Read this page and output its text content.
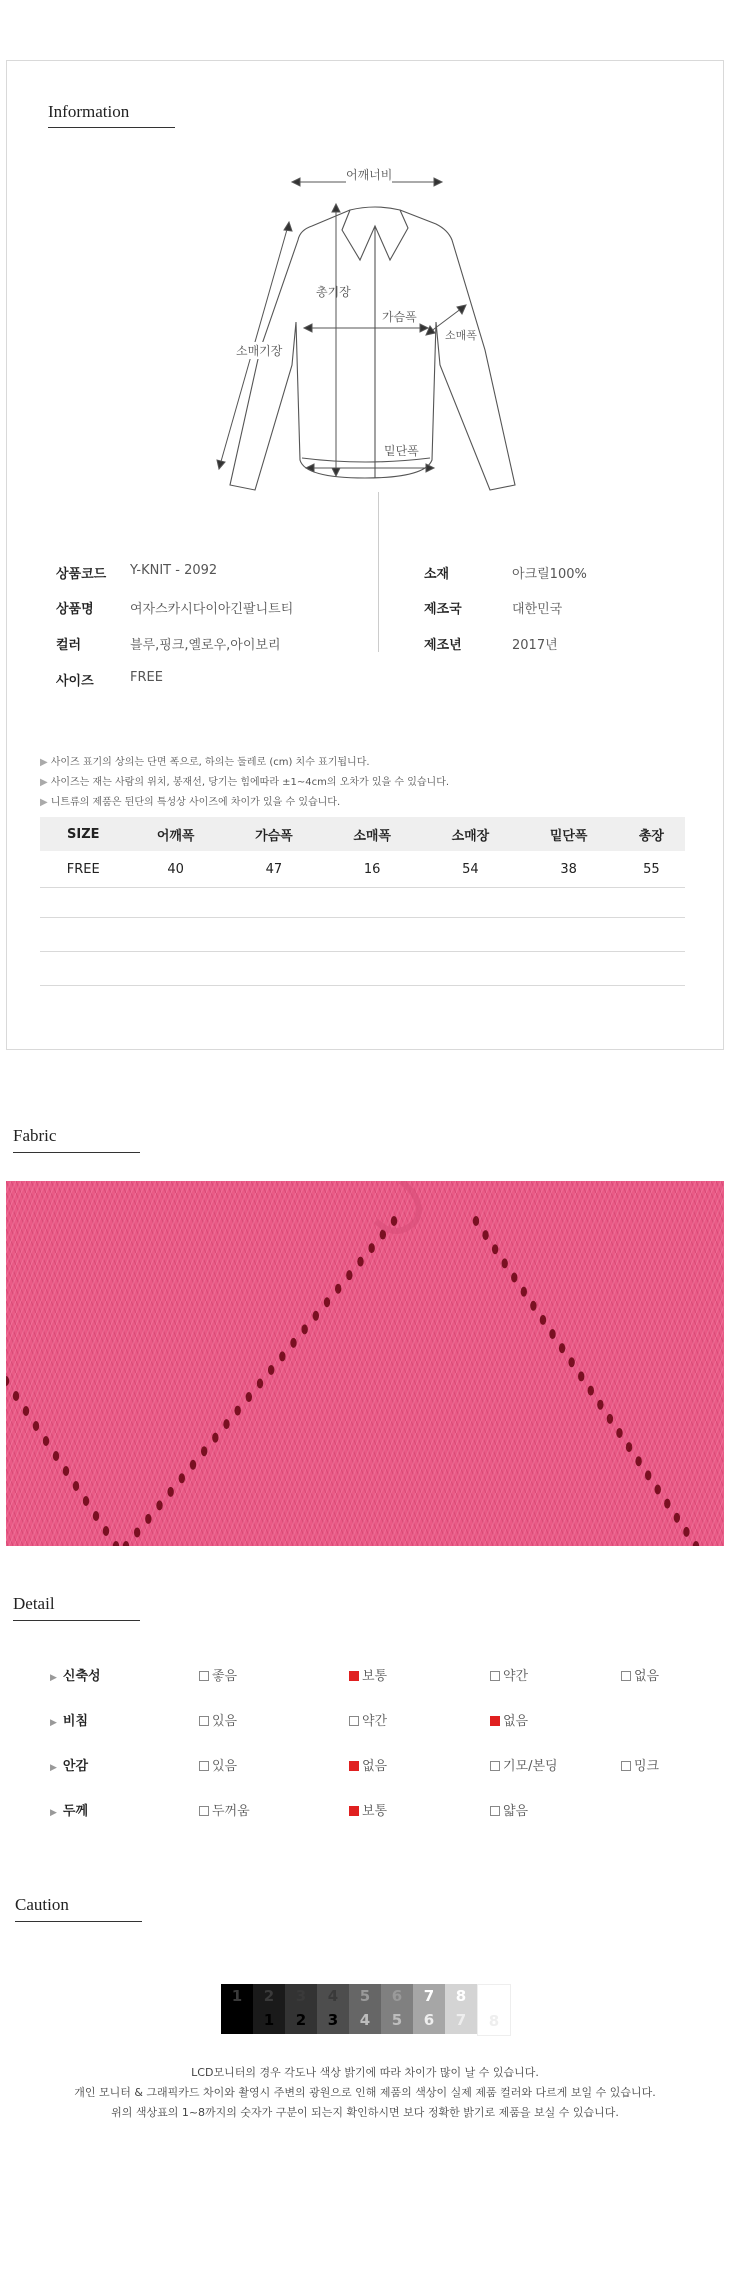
Information
어깨너비
총기장
가슴폭
소매폭
소매기장
밑단폭
상품코드 Y-KNIT - 2092
상품명	여자스카시다이아긴팔니트티
컬러	블루,핑크,옐로우,아이보리
사이즈	FREE
소재	아크릴100%
제조국	대한민국
제조년	2017년
▶ 사이즈 표기의 상의는 단면 폭으로, 하의는 둘레로 (cm) 치수 표기됩니다.
▶ 사이즈는 재는 사람의 위치, 봉재선, 당기는 힘에따라 ±1~4cm의 오차가 있을 수 있습니다.
▶ 니트류의 제품은 뒨단의 특성상 사이즈에 차이가 있을 수 있습니다.
SIZE	어깨폭	가슴폭	소매폭	소매장	밑단폭	총장
FREE	40	47	16	54	38	55
Fabric
Detail
▶ 신축성	좋음	보통	약간	없음
▶ 비침	있음	약간	없음
▶ 안감	있음	없음	기모/본딩	밍크
▶ 두께	두꺼움	보통	얇음
Caution
1	2
1
3
2
4
3
5
4
6
5
7
6
8
7	8
LCD모니터의 경우 각도나 색상 밝기에 따라 차이가 많이 날 수 있습니다.
개인 모니터 & 그래픽카드 차이와 촬영시 주변의 광원으로 인해 제품의 색상이 실제 제품 컬러와 다르게 보일 수 있습니다.
위의 색상표의 1~8까지의 숫자가 구분이 되는지 확인하시면 보다 정확한 밝기로 제품을 보실 수 있습니다.
